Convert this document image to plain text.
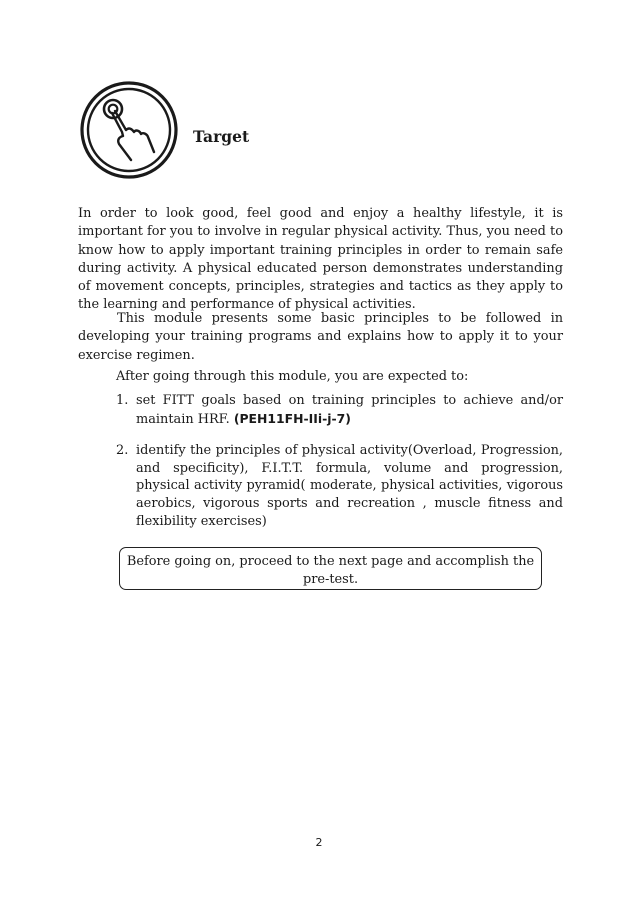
Target

In order to look good, feel good and enjoy a healthy lifestyle, it is important for you to involve in regular physical activity. Thus, you need to know how to apply important training principles in order to remain safe during activity. A physical educated person demonstrates understanding of movement concepts, principles, strategies and tactics as they apply to the learning and performance of physical activities.

This module presents some basic principles to be followed in developing your training programs and explains how to apply it to your exercise regimen.

After going through this module, you are expected to:

1. set FITT goals based on training principles to achieve and/or maintain HRF. (PEH11FH-IIi-j-7)
2. identify the principles of physical activity(Overload, Progression, and specificity), F.I.T.T. formula, volume and progression, physical activity pyramid( moderate, physical activities, vigorous aerobics, vigorous sports and recreation , muscle fitness and flexibility exercises)
Before going on, proceed to the next page and accomplish the
pre-test.
2
